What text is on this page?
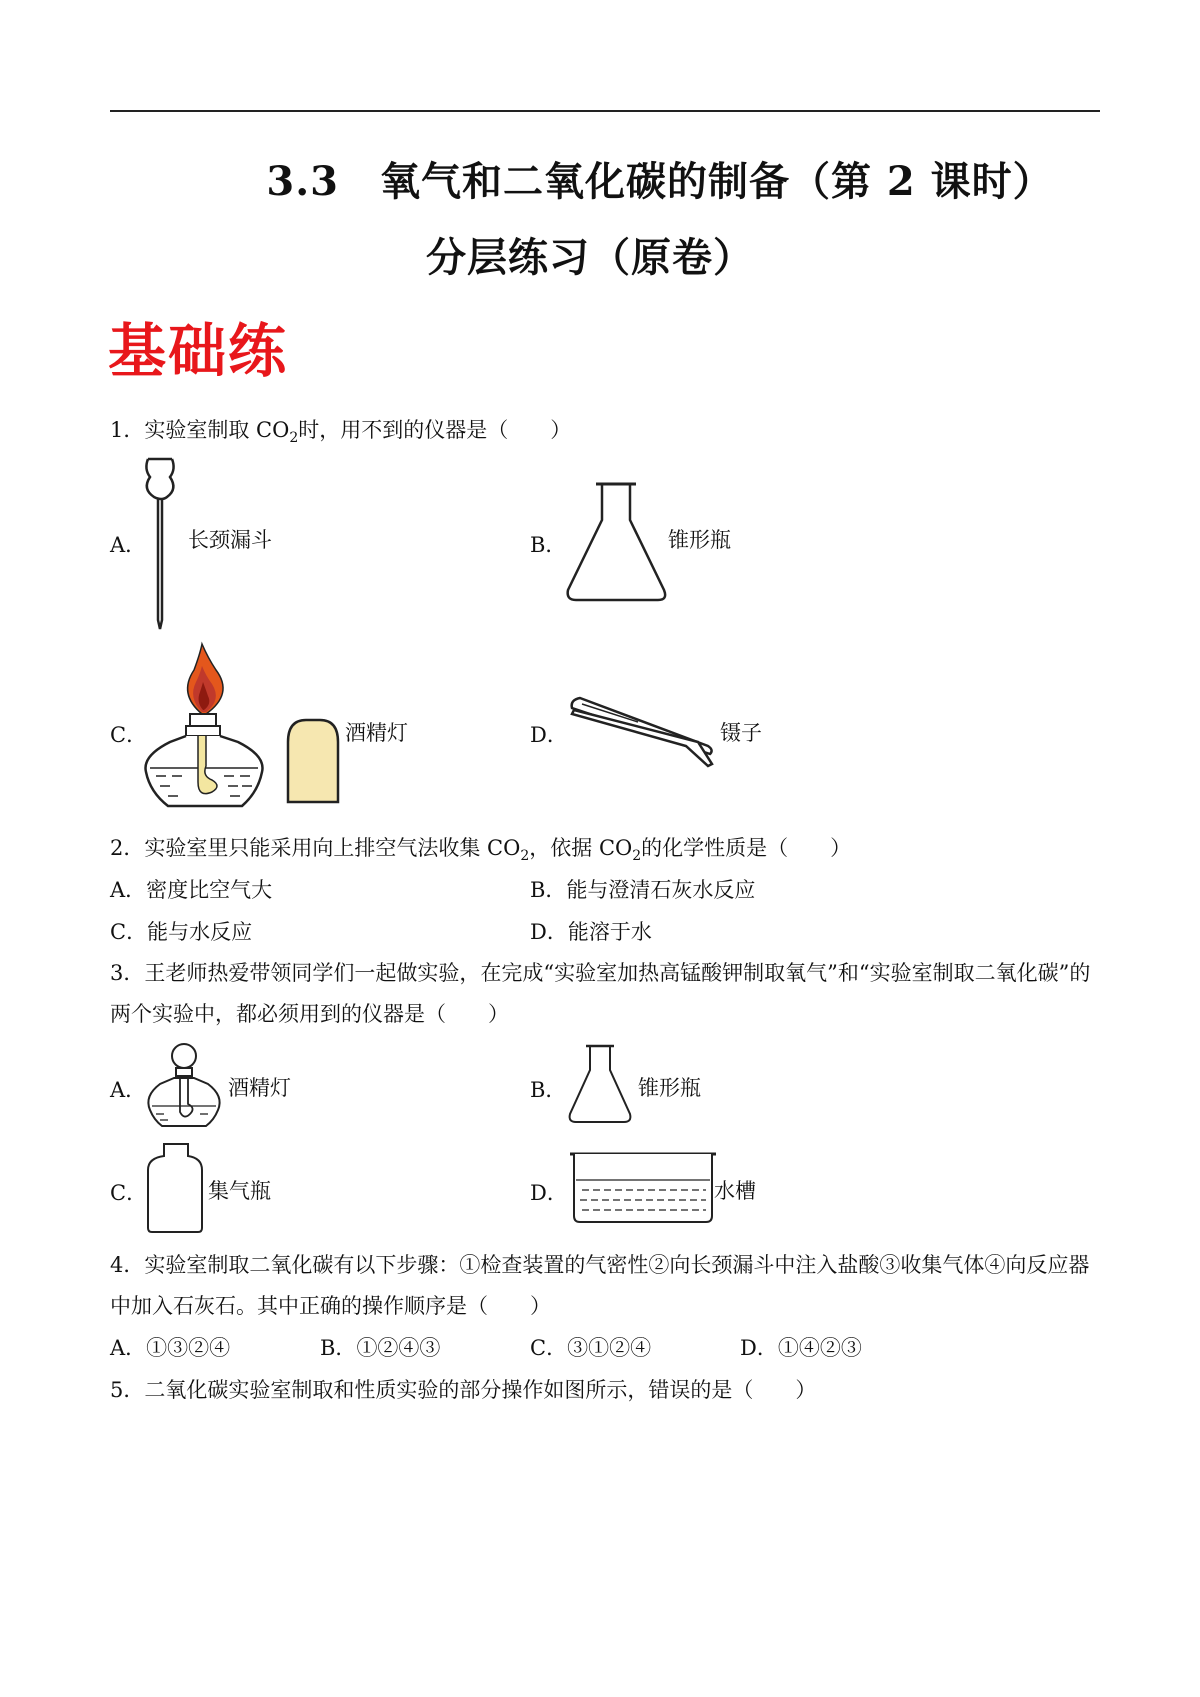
3.3　氧气和二氧化碳的制备（第 2 课时）
分层练习（原卷）
基础练
1．实验室制取 $CO_2$时，用不到的仪器是（　　）
A． 长颈漏斗	B．	锥形瓶
C．	酒精灯	D．	镊子
2．实验室里只能采用向上排空气法收集 $CO_2$，依据 $CO_2$的化学性质是（　　）
A．密度比空气大	B．能与澄清石灰水反应
C．能与水反应	D．能溶于水
3．王老师热爱带领同学们一起做实验，在完成“实验室加热高锰酸钾制取氧气”和“实验室制取二氧化碳”的
两个实验中，都必须用到的仪器是（　　）
A．	酒精灯	B．	锥形瓶
C．	集气瓶	D．	水槽
4．实验室制取二氧化碳有以下步骤：①检查装置的气密性②向长颈漏斗中注入盐酸③收集气体④向反应器
中加入石灰石。其中正确的操作顺序是（　　）
A．①③②④	B．①②④③	C．③①②④	D．①④②③
5．二氧化碳实验室制取和性质实验的部分操作如图所示，错误的是（　　）
